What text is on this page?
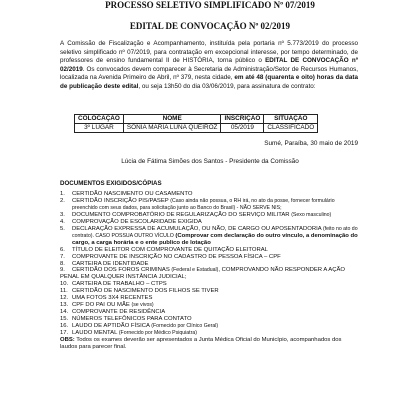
PROCESSO SELETIVO SIMPLIFICADO Nº 07/2019
EDITAL DE CONVOCAÇÃO Nº 02/2019
A Comissão de Fiscalização e Acompanhamento, instituída pela portaria nº 5.773/2019 do processo seletivo simplificado nº 07/2019, para contratação em excepcional interesse, por tempo determinado, de professores de ensino fundamental II de HISTÓRIA, torna público o EDITAL DE CONVOCAÇÃO nº 02/2019. Os convocados devem comparecer à Secretaria de Administração/Setor de Recursos Humanos, localizada na Avenida Primeiro de Abril, nº 379, nesta cidade, em até 48 (quarenta e oito) horas da data de publicação deste edital, ou seja 13h50 do dia 03/06/2019, para assinatura de contrato:
COLOCAÇÃO	NOME	INSCRIÇÃO	SITUAÇÃO
3º LUGAR	SÔNIA MARIA LUNA QUEIROZ	05/2019	CLASSIFICADO
Sumé, Paraíba, 30 maio de 2019
Lúcia de Fátima Simões dos Santos - Presidente da Comissão
DOCUMENTOS EXIGIDOS/CÓPIAS
1.	CERTIDÃO NASCIMENTO OU CASAMENTO
2.	CERTIDÃO INSCRIÇÃO PIS/PASEP (Caso ainda não possua, o RH irá, no ato da posse, fornecer formulário preenchido com seus dados, para solicitação junto ao Banco do Brasil) - NÃO SERVE NIS;
3.	DOCUMENTO COMPROBATÓRIO DE REGULARIZAÇÃO DO SERVIÇO MILITAR (Sexo masculino)
4.	COMPROVAÇÃO DE ESCOLARIDADE EXIGIDA
5.	DECLARAÇÃO EXPRESSA DE ACUMULAÇÃO, OU NÃO, DE CARGO OU APOSENTADORIA (feito no ato do contrato). CASO POSSUA OUTRO VÍCULO (Comprovar com declaração do outro vínculo, a denominação do cargo, a carga horária e o ente publico de lotação
6.	TÍTULO DE ELEITOR COM COMPROVANTE DE QUITAÇÃO ELEITORAL
7.	COMPROVANTE DE INSCRIÇÃO NO CADASTRO DE PESSOA FÍSICA – CPF
8.	CARTEIRA DE IDENTIDADE
9.	CERTIDÃO DOS FOROS CRIMINAS (Federal e Estadual), COMPROVANDO NÃO RESPONDER A AÇÃO
PENAL EM QUALQUER INSTÂNCIA JUDICIAL;
10. CARTEIRA DE TRABALHO – CTPS
11. CERTIDÃO DE NASCIMENTO DOS FILHOS SE TIVER
12. UMA FOTOS 3X4 RECENTES
13. CPF DO PAI OU MÃE (se vivos)
14. COMPROVANTE DE RESIDÊNCIA
15. NÚMEROS TELEFÔNICOS PARA CONTATO
16. LAUDO DE APTIDÃO FÍSICA (Fornecido por Clínico Geral)
17. LAUDO MENTAL (Fornecido por Médico Psiquiatra)
OBS: Todos os exames deverão ser apresentados a Junta Médica Oficial do Município, acompanhados dos laudos para parecer final.
